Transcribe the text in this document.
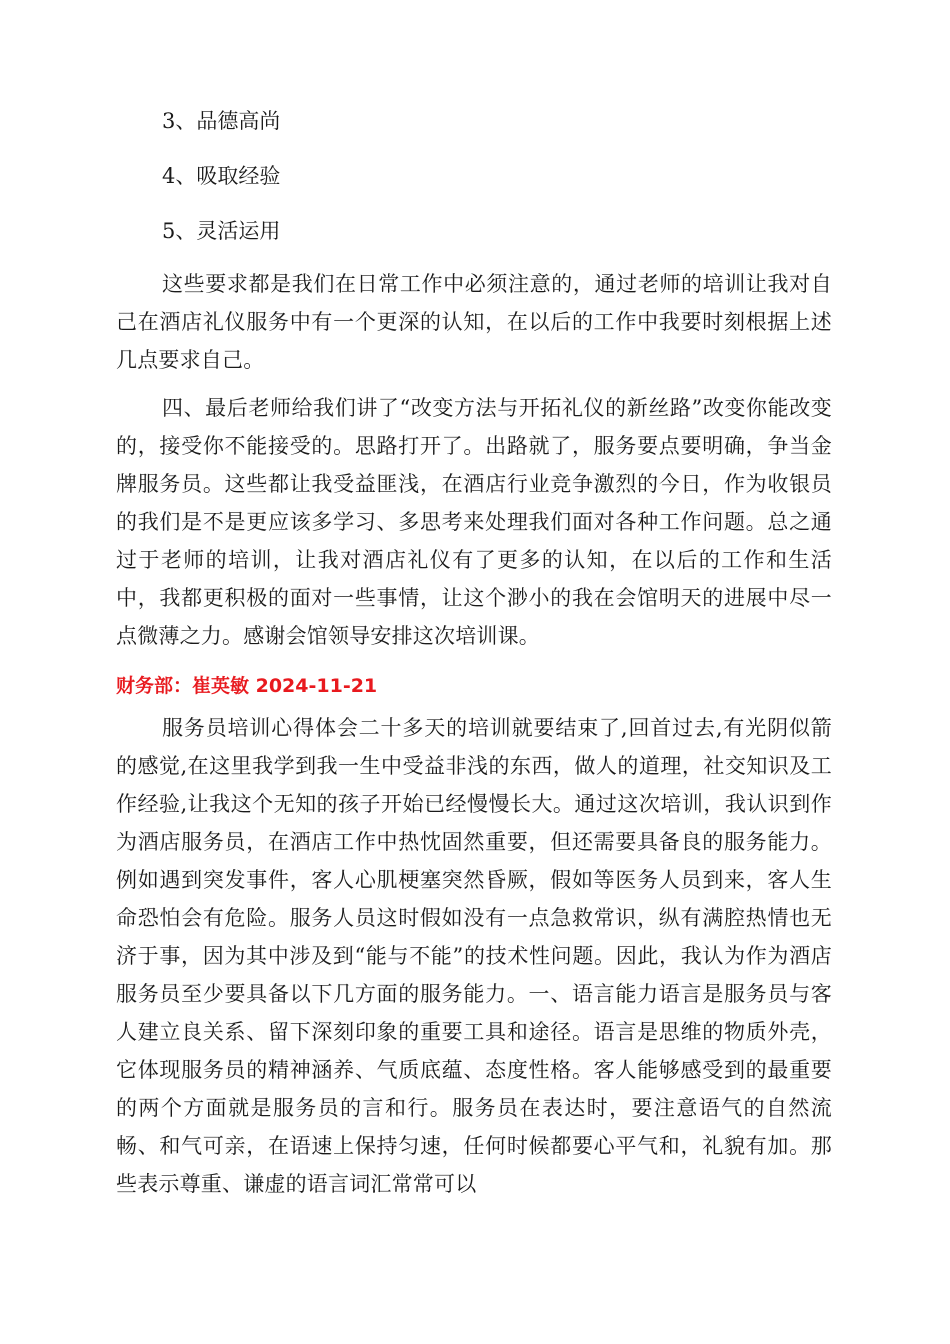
3、品德高尚

4、吸取经验

5、灵活运用

这些要求都是我们在日常工作中必须注意的，通过老师的培训让我对自己在酒店礼仪服务中有一个更深的认知，在以后的工作中我要时刻根据上述几点要求自己。

四、最后老师给我们讲了“改变方法与开拓礼仪的新丝路”改变你能改变的，接受你不能接受的。思路打开了。出路就了，服务要点要明确，争当金牌服务员。这些都让我受益匪浅，在酒店行业竞争激烈的今日，作为收银员的我们是不是更应该多学习、多思考来处理我们面对各种工作问题。总之通过于老师的培训，让我对酒店礼仪有了更多的认知，在以后的工作和生活中，我都更积极的面对一些事情，让这个渺小的我在会馆明天的进展中尽一点微薄之力。感谢会馆领导安排这次培训课。

财务部：崔英敏 2024-11-21

服务员培训心得体会二十多天的培训就要结束了,回首过去,有光阴似箭的感觉,在这里我学到我一生中受益非浅的东西，做人的道理，社交知识及工作经验,让我这个无知的孩子开始已经慢慢长大。通过这次培训，我认识到作为酒店服务员，在酒店工作中热忱固然重要，但还需要具备良的服务能力。例如遇到突发事件，客人心肌梗塞突然昏厥，假如等医务人员到来，客人生命恐怕会有危险。服务人员这时假如没有一点急救常识，纵有满腔热情也无济于事，因为其中涉及到“能与不能”的技术性问题。因此，我认为作为酒店服务员至少要具备以下几方面的服务能力。一、语言能力语言是服务员与客人建立良关系、留下深刻印象的重要工具和途径。语言是思维的物质外壳，它体现服务员的精神涵养、气质底蕴、态度性格。客人能够感受到的最重要的两个方面就是服务员的言和行。服务员在表达时，要注意语气的自然流畅、和气可亲，在语速上保持匀速，任何时候都要心平气和，礼貌有加。那些表示尊重、谦虚的语言词汇常常可以
